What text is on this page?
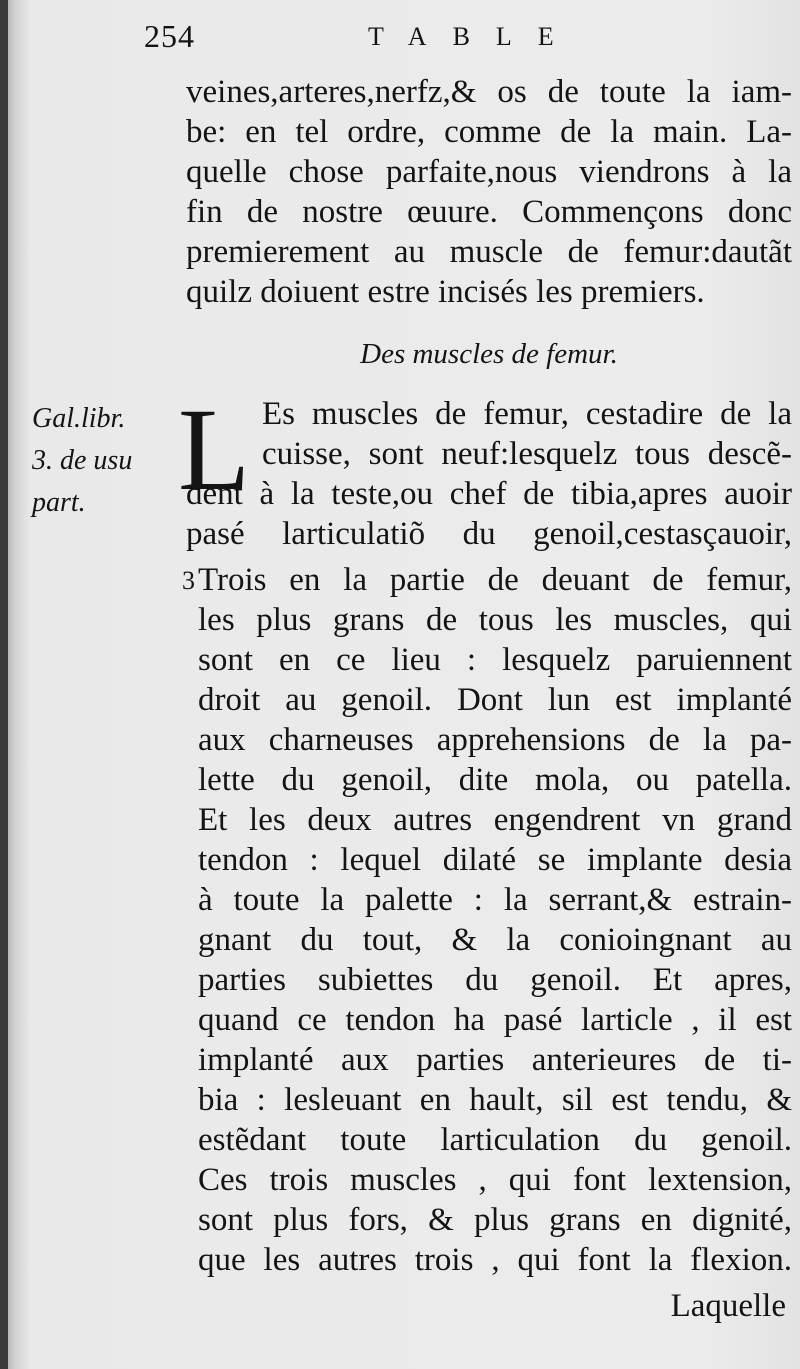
254	TABLE
veines,arteres,nerfz,& os de toute la iam-
be: en tel ordre, comme de la main. La-
quelle chose parfaite,nous viendrons à la
fin de nostre œuure. Commençons donc
premierement au muscle de femur:dautãt
quilz doiuent estre incisés les premiers.
Des muscles de femur.
Gal.libr.
3. de usu
part. L Es muscles de femur, cestadire de la
cuisse, sont neuf:lesquelz tous descẽ-
dent à la teste,ou chef de tibia,apres auoir
pasé larticulatiõ du genoil,cestasçauoir,
3 Trois en la partie de deuant de femur,
les plus grans de tous les muscles, qui
sont en ce lieu : lesquelz paruiennent
droit au genoil. Dont lun est implanté
aux charneuses apprehensions de la pa-
lette du genoil, dite mola, ou patella.
Et les deux autres engendrent vn grand
tendon : lequel dilaté se implante desia
à toute la palette : la serrant,& estrain-
gnant du tout, & la conioingnant au
parties subiettes du genoil. Et apres,
quand ce tendon ha pasé larticle , il est
implanté aux parties anterieures de ti-
bia : lesleuant en hault, sil est tendu, &
estẽdant toute larticulation du genoil.
Ces trois muscles , qui font lextension,
sont plus fors, & plus grans en dignité,
que les autres trois , qui font la flexion.
Laquelle
